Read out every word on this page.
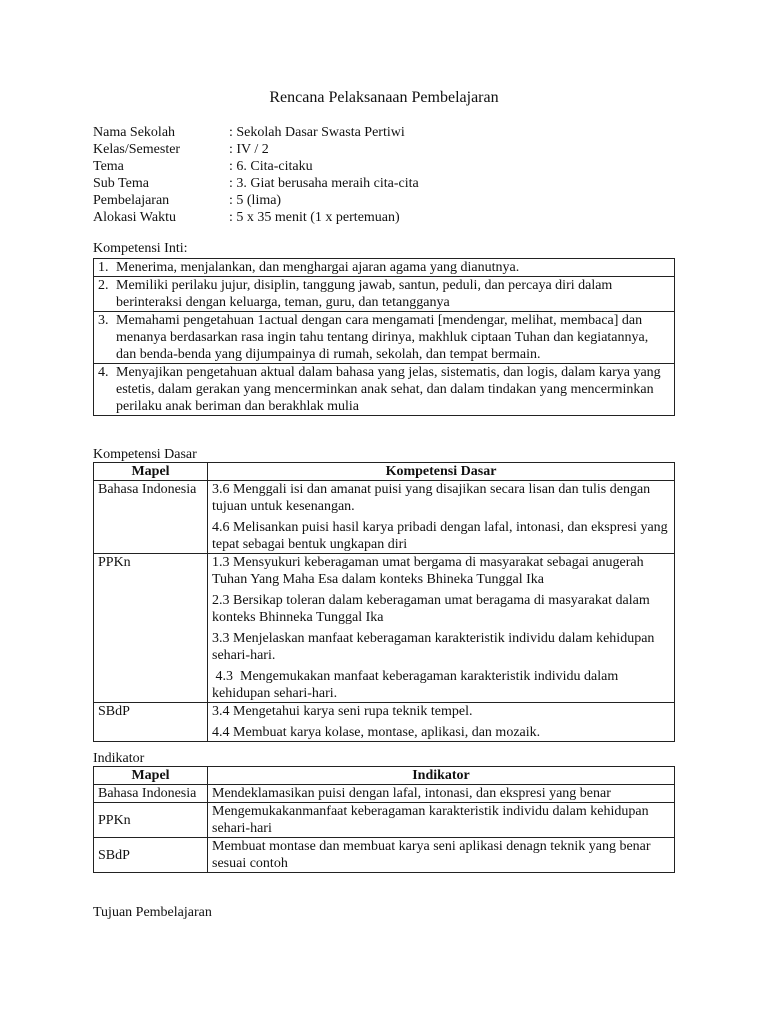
Rencana Pelaksanaan Pembelajaran
Nama Sekolah	: Sekolah Dasar Swasta Pertiwi
Kelas/Semester	: IV / 2
Tema	: 6. Cita-citaku
Sub Tema	: 3. Giat berusaha meraih cita-cita
Pembelajaran	: 5 (lima)
Alokasi Waktu	: 5 x 35 menit (1 x pertemuan)
Kompetensi Inti:
1. Menerima, menjalankan, dan menghargai ajaran agama yang dianutnya.
2. Memiliki perilaku jujur, disiplin, tanggung jawab, santun, peduli, dan percaya diri dalam berinteraksi dengan keluarga, teman, guru, dan tetangganya
3. Memahami pengetahuan 1actual dengan cara mengamati [mendengar, melihat, membaca] dan menanya berdasarkan rasa ingin tahu tentang dirinya, makhluk ciptaan Tuhan dan kegiatannya, dan benda-benda yang dijumpainya di rumah, sekolah, dan tempat bermain.
4. Menyajikan pengetahuan aktual dalam bahasa yang jelas, sistematis, dan logis, dalam karya yang estetis, dalam gerakan yang mencerminkan anak sehat, dan dalam tindakan yang mencerminkan perilaku anak beriman dan berakhlak mulia
Kompetensi Dasar
Mapel	Kompetensi Dasar
Bahasa Indonesia	3.6 Menggali isi dan amanat puisi yang disajikan secara lisan dan tulis dengan tujuan untuk kesenangan.

4.6 Melisankan puisi hasil karya pribadi dengan lafal, intonasi, dan ekspresi yang tepat sebagai bentuk ungkapan diri

PPKn	1.3 Mensyukuri keberagaman umat bergama di masyarakat sebagai anugerah Tuhan Yang Maha Esa dalam konteks Bhineka Tunggal Ika

2.3 Bersikap toleran dalam keberagaman umat beragama di masyarakat dalam konteks Bhinneka Tunggal Ika

3.3 Menjelaskan manfaat keberagaman karakteristik individu dalam kehidupan sehari-hari.

4.3  Mengemukakan manfaat keberagaman karakteristik individu dalam kehidupan sehari-hari.

SBdP	3.4 Mengetahui karya seni rupa teknik tempel.

4.4 Membuat karya kolase, montase, aplikasi, dan mozaik.

Indikator
Mapel	Indikator
Bahasa Indonesia	Mendeklamasikan puisi dengan lafal, intonasi, dan ekspresi yang benar
PPKn	Mengemukakanmanfaat keberagaman karakteristik individu dalam kehidupan sehari-hari
SBdP	Membuat montase dan membuat karya seni aplikasi denagn teknik yang benar sesuai contoh
Tujuan Pembelajaran
